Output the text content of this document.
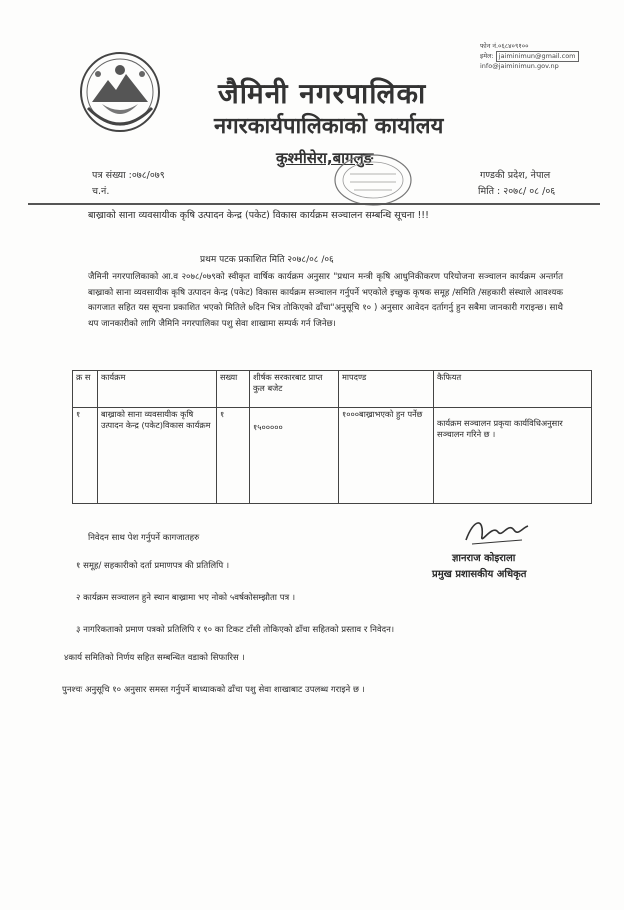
जैमिनी नगरपालिका
नगरकार्यपालिकाको कार्यालय
कुश्मीसेरा,बागलुङ
फोन नं.०६८४०९१००
इमेल: jaiminimun@gmail.com
info@jaiminimun.gov.np
पत्र संख्या :०७८/०७९
च.नं.
गण्डकी प्रदेश, नेपाल
मिति : २०७८/ ०८ /०६
बाख्राको साना व्यवसायीक कृषि उत्पादन केन्द्र (पकेट) विकास कार्यक्रम सञ्चालन सम्बन्धि सूचना !!!
प्रथम पटक प्रकाशित मिति २०७८/०८ /०६
जैमिनी नगरपालिकाको आ.व २०७८/०७९को स्वीकृत वार्षिक कार्यक्रम अनुसार "प्रधान मन्त्री कृषि आधुनिकीकरण परियोजना सञ्चालन कार्यक्रम अन्तर्गत बाख्राको साना व्यवसायीक कृषि उत्पादन केन्द्र (पकेट) विकास कार्यक्रम सञ्चालन गर्नुपर्ने भएकोले इच्छुक कृषक समूह /समिति /सहकारी संस्थाले आवश्यक कागजात सहित यस सूचना प्रकाशित भएको मितिले ७दिन भित्र तोकिएको ढाँचा"अनुसूचि १० ) अनुसार आवेदन दर्तागर्नु हुन सबैमा जानकारी गराइन्छ। साथै थप जानकारीको लागि जैमिनि नगरपालिका पशु सेवा शाखामा सम्पर्क गर्न जिनेछ।
क्र स	कार्यक्रम	सख्या	शीर्षक सरकारबाट प्राप्त कुल बजेट	मापदण्ड	कैफियत
१	बाख्राको साना व्यवसायीक कृषि उत्पादन केन्द्र (पकेट)विकास कार्यक्रम	१	१५०००००	१०००बाख्राभएको हुन पर्नेछ	कार्यक्रम सञ्चालन प्रकृया कार्यविधिअनुसार सञ्चालन गरिने छ ।
निवेदन साथ पेश गर्नुपर्ने कागजातहरु
ज्ञानराज कोइराला
प्रमुख प्रशासकीय अधिकृत
१ समूह/ सहकारीको दर्ता प्रमाणपत्र की प्रतिलिपि ।
२ कार्यक्रम सञ्चालन हुने स्थान बाख्रामा भए नोको ५वर्षकोसम्झौता पत्र ।
३ नागरिकताको प्रमाण पत्रको प्रतिलिपि र १० का टिकट टाँसी तोकिएको ढाँचा सहितको प्रस्ताव र निवेदन।
४कार्य समितिको निर्णय सहित सम्बन्धित वडाको सिफारिस ।
पुनश्चः अनुसूचि १० अनुसार समस्त गर्नुपर्ने बाध्याकको ढाँचा पशु सेवा शाखाबाट उपलब्ध गराइने छ ।
